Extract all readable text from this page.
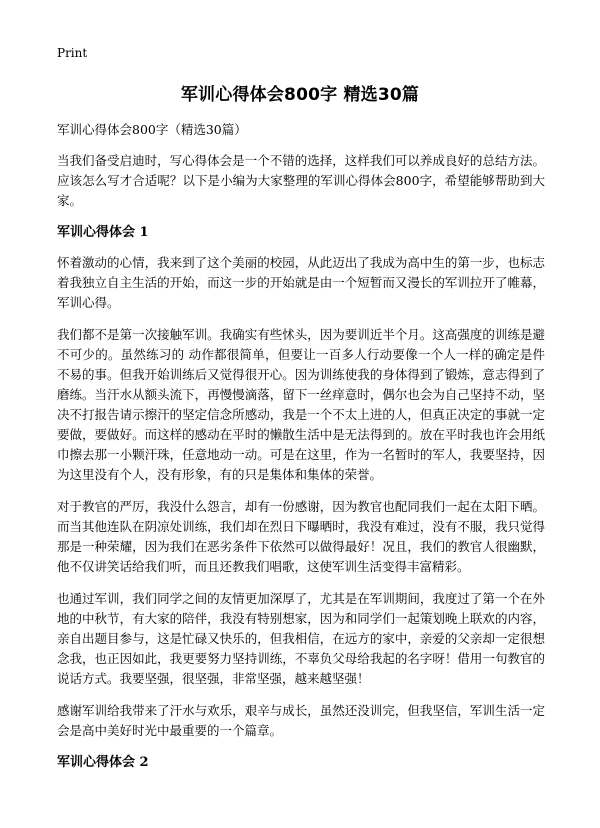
Print
军训心得体会800字 精选30篇

军训心得体会800字（精选30篇）

当我们备受启迪时，写心得体会是一个不错的选择，这样我们可以养成良好的总结方法。应该怎么写才合适呢？以下是小编为大家整理的军训心得体会800字，希望能够帮助到大家。

军训心得体会 1

怀着激动的心情，我来到了这个美丽的校园，从此迈出了我成为高中生的第一步，也标志着我独立自主生活的开始，而这一步的开始就是由一个短暂而又漫长的军训拉开了帷幕，军训心得。

我们都不是第一次接触军训。我确实有些怵头，因为要训近半个月。这高强度的训练是避不可少的。虽然练习的 动作都很简单，但要让一百多人行动要像一个人一样的确定是件不易的事。但我开始训练后又觉得很开心。因为训练使我的身体得到了锻炼，意志得到了磨练。当汗水从额头流下，再慢慢滴落，留下一丝痒意时，偶尔也会为自己坚持不动，坚决不打报告请示擦汗的坚定信念所感动，我是一个不太上进的人，但真正决定的事就一定要做，要做好。而这样的感动在平时的懒散生活中是无法得到的。放在平时我也许会用纸巾擦去那一小颗汗珠，任意地动一动。可是在这里，作为一名暂时的军人，我要坚持，因为这里没有个人，没有形象，有的只是集体和集体的荣誉。

对于教官的严厉，我没什么怨言，却有一份感谢，因为教官也配同我们一起在太阳下晒。而当其他连队在阴凉处训练，我们却在烈日下曝晒时，我没有难过，没有不服，我只觉得那是一种荣耀，因为我们在恶劣条件下依然可以做得最好！况且，我们的教官人很幽默，他不仅讲笑话给我们听，而且还教我们唱歌，这使军训生活变得丰富精彩。

也通过军训，我们同学之间的友情更加深厚了，尤其是在军训期间，我度过了第一个在外地的中秋节，有大家的陪伴，我没有特别想家，因为和同学们一起策划晚上联欢的内容，亲自出题目参与，这是忙碌又快乐的，但我相信，在远方的家中，亲爱的父亲却一定很想念我，也正因如此，我更要努力坚持训练，不辜负父母给我起的名字呀！借用一句教官的说话方式。我要坚强，很坚强，非常坚强，越来越坚强！

感谢军训给我带来了汗水与欢乐，艰辛与成长，虽然还没训完，但我坚信，军训生活一定会是高中美好时光中最重要的一个篇章。

军训心得体会 2
